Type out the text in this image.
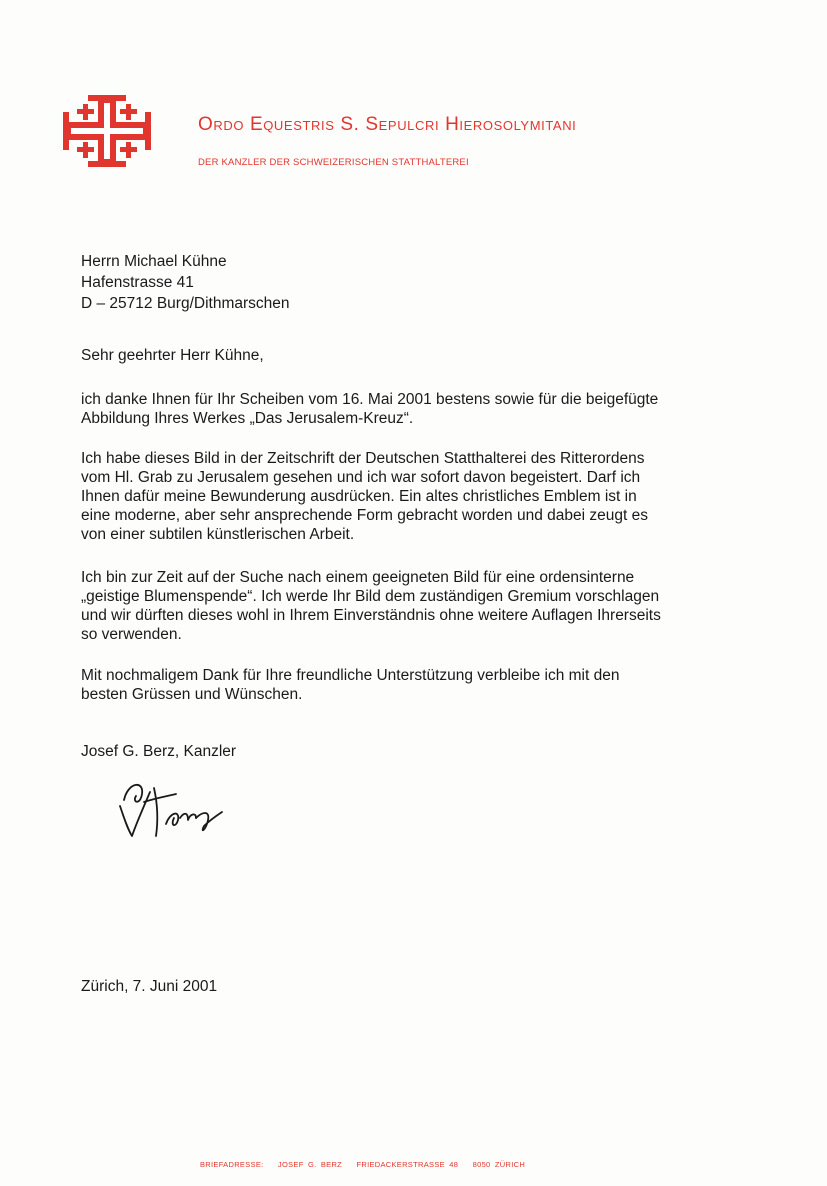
Ordo Equestris S. Sepulcri Hierosolymitani
DER KANZLER DER SCHWEIZERISCHEN STATTHALTEREI
Herrn Michael Kühne
Hafenstrasse 41
D – 25712 Burg/Dithmarschen
Sehr geehrter Herr Kühne,
ich danke Ihnen für Ihr Scheiben vom 16. Mai 2001 bestens sowie für die beigefügte
Abbildung Ihres Werkes „Das Jerusalem-Kreuz“.
Ich habe dieses Bild in der Zeitschrift der Deutschen Statthalterei des Ritterordens
vom Hl. Grab zu Jerusalem gesehen und ich war sofort davon begeistert. Darf ich
Ihnen dafür meine Bewunderung ausdrücken. Ein altes christliches Emblem ist in
eine moderne, aber sehr ansprechende Form gebracht worden und dabei zeugt es
von einer subtilen künstlerischen Arbeit.
Ich bin zur Zeit auf der Suche nach einem geeigneten Bild für eine ordensinterne
„geistige Blumenspende“. Ich werde Ihr Bild dem zuständigen Gremium vorschlagen
und wir dürften dieses wohl in Ihrem Einverständnis ohne weitere Auflagen Ihrerseits
so verwenden.
Mit nochmaligem Dank für Ihre freundliche Unterstützung verbleibe ich mit den
besten Grüssen und Wünschen.
Josef G. Berz, Kanzler
Zürich, 7. Juni 2001
BRIEFADRESSE: JOSEF G. BERZ FRIEDACKERSTRASSE 48 8050 ZÜRICH
